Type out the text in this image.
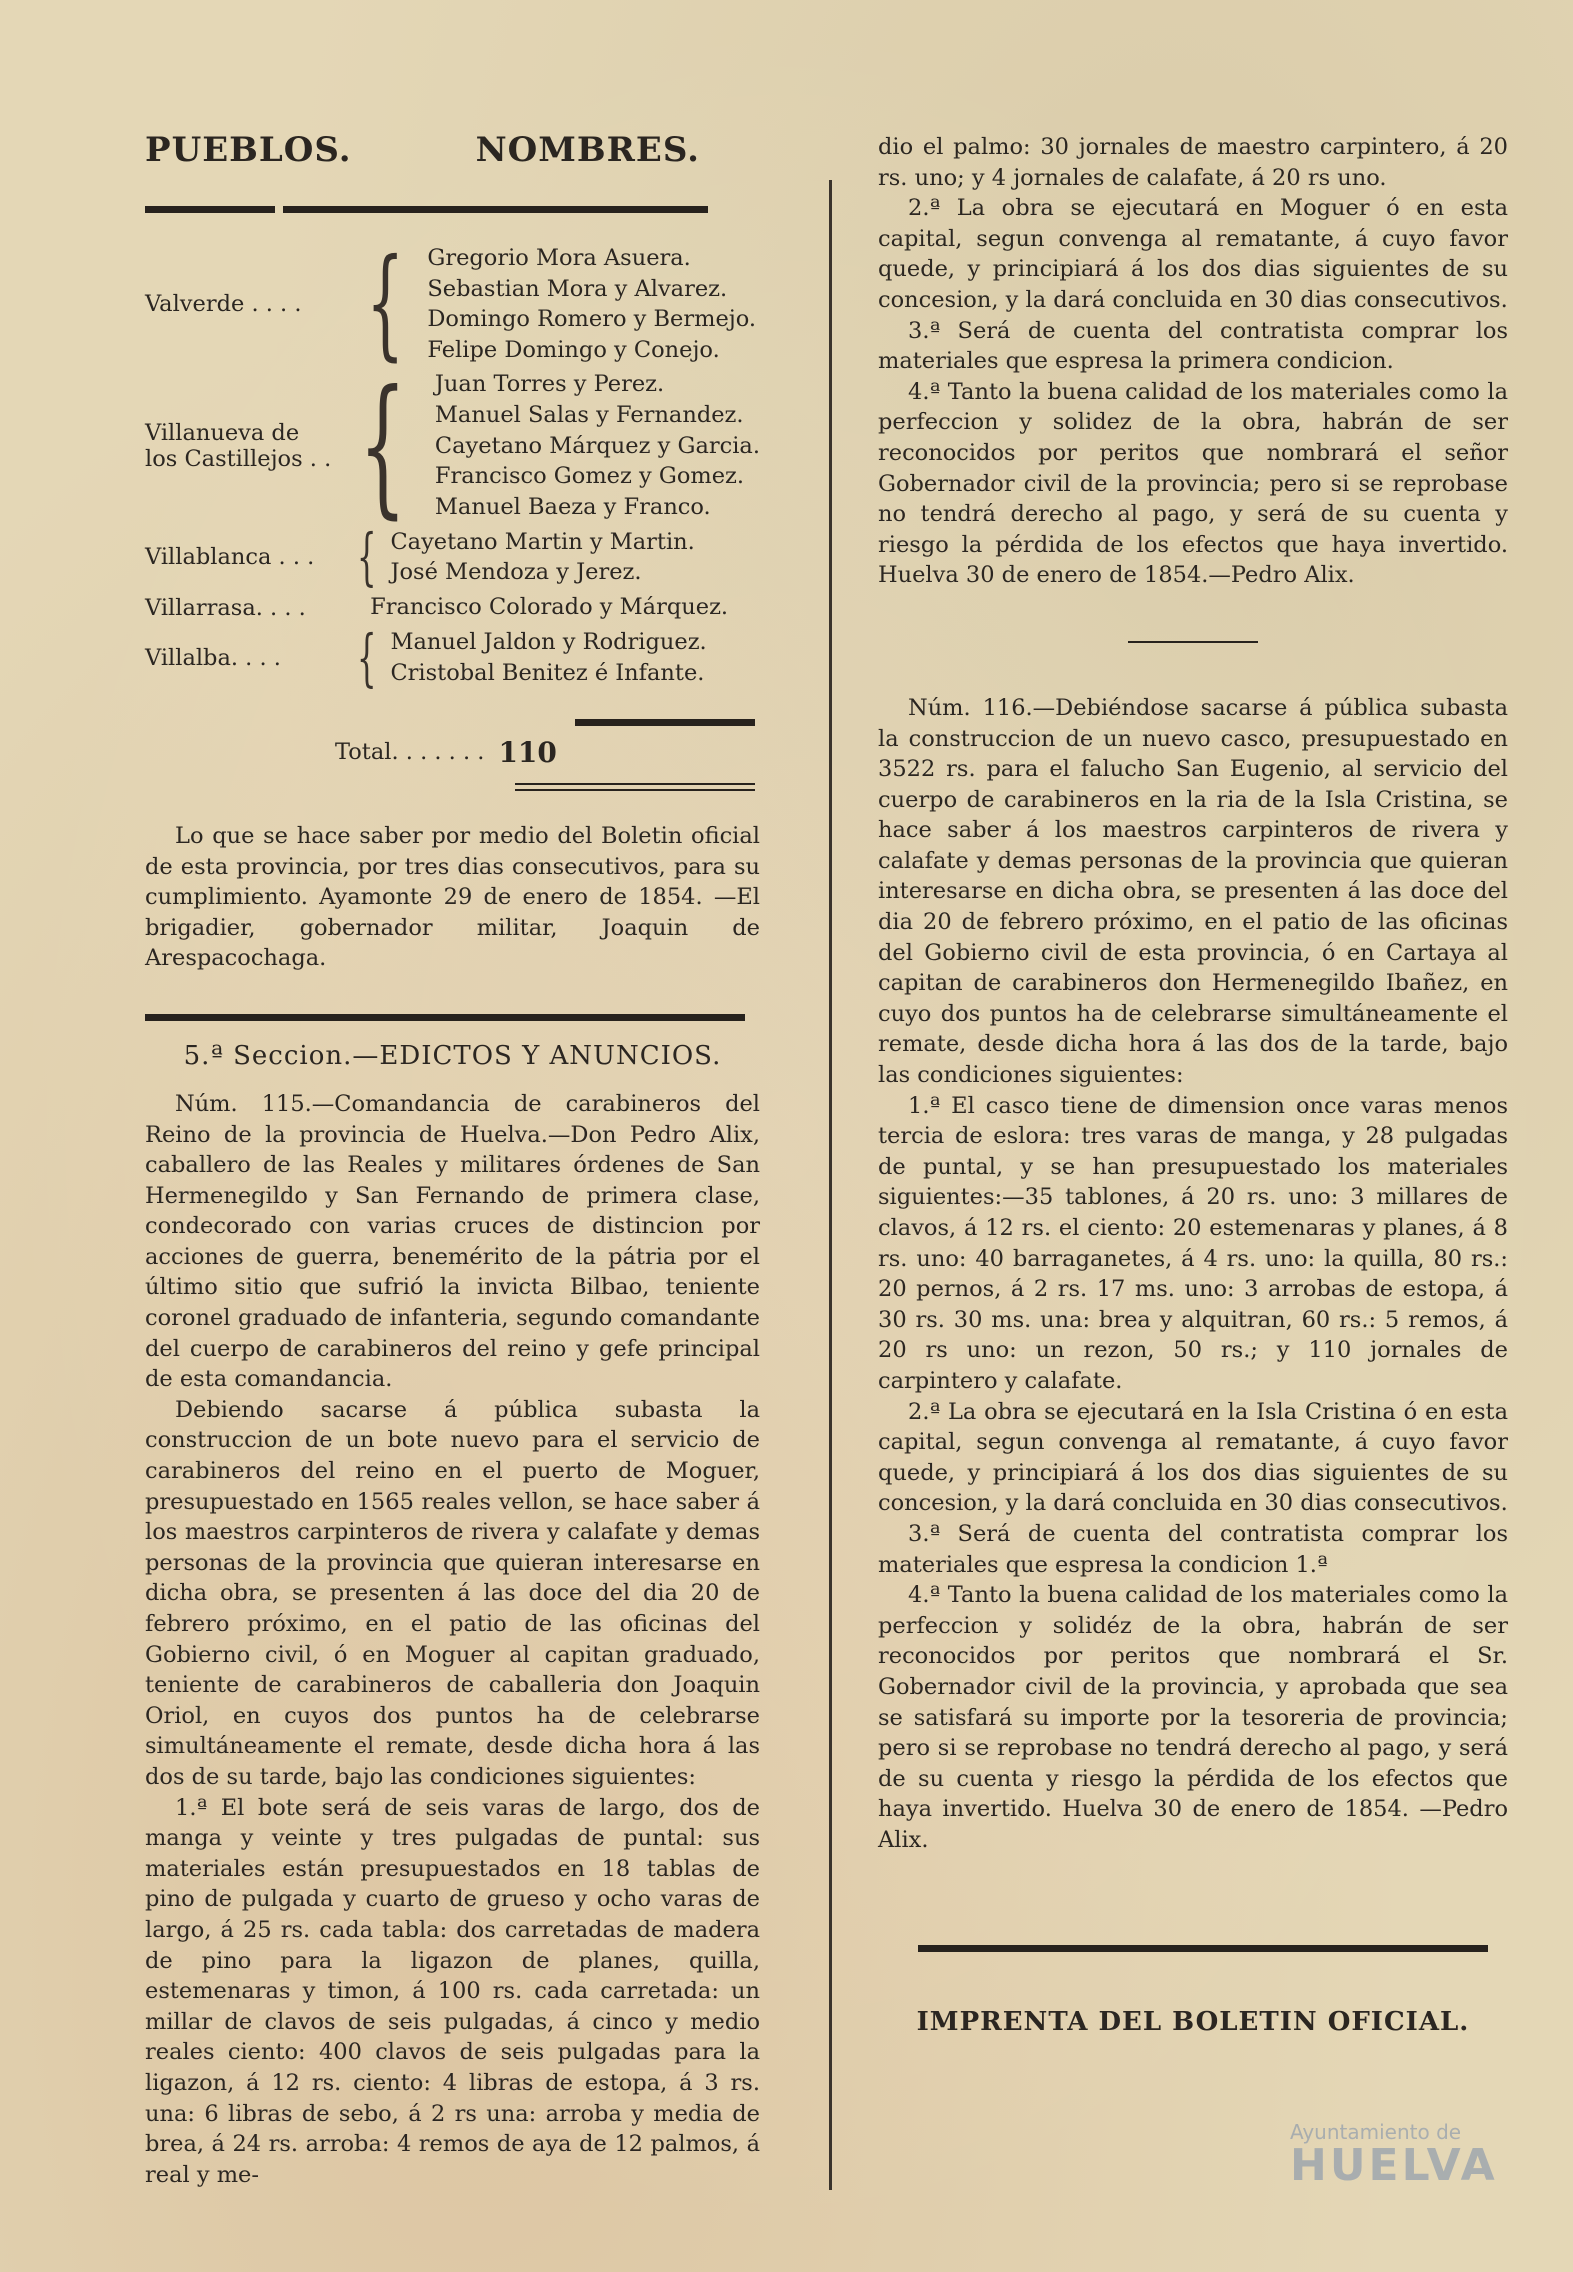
PUEBLOS.	NOMBRES.
Valverde . . . . { Gregorio Mora Asuera.
Sebastian Mora y Alvarez.
Domingo Romero y Bermejo.
Felipe Domingo y Conejo.
Villanueva de los Castillejos . . { Juan Torres y Perez.
Manuel Salas y Fernandez.
Cayetano Márquez y Garcia.
Francisco Gomez y Gomez.
Manuel Baeza y Franco.
Villablanca . . . { Cayetano Martin y Martin.
José Mendoza y Jerez.
Villarrasa. . . .	Francisco Colorado y Márquez.
Villalba. . . .	{ Manuel Jaldon y Rodriguez.
Cristobal Benitez é Infante.
Total. . . . . . . 110

Lo que se hace saber por medio del Boletin oficial de esta provincia, por tres dias consecutivos, para su cumplimiento. Ayamonte 29 de enero de 1854. —El brigadier, gobernador militar, Joaquin de Arespacochaga.

5.ª Seccion.—EDICTOS Y ANUNCIOS.

Núm. 115.—Comandancia de carabineros del Reino de la provincia de Huelva.—Don Pedro Alix, caballero de las Reales y militares órdenes de San Hermenegildo y San Fernando de primera clase, condecorado con varias cruces de distincion por acciones de guerra, benemérito de la pátria por el último sitio que sufrió la invicta Bilbao, teniente coronel graduado de infanteria, segundo comandante del cuerpo de carabineros del reino y gefe principal de esta comandancia.

Debiendo sacarse á pública subasta la construccion de un bote nuevo para el servicio de carabineros del reino en el puerto de Moguer, presupuestado en 1565 reales vellon, se hace saber á los maestros carpinteros de rivera y calafate y demas personas de la provincia que quieran interesarse en dicha obra, se presenten á las doce del dia 20 de febrero próximo, en el patio de las oficinas del Gobierno civil, ó en Moguer al capitan graduado, teniente de carabineros de caballeria don Joaquin Oriol, en cuyos dos puntos ha de celebrarse simultáneamente el remate, desde dicha hora á las dos de su tarde, bajo las condiciones siguientes:

1.ª El bote será de seis varas de largo, dos de manga y veinte y tres pulgadas de puntal: sus materiales están presupuestados en 18 tablas de pino de pulgada y cuarto de grueso y ocho varas de largo, á 25 rs. cada tabla: dos carretadas de madera de pino para la ligazon de planes, quilla, estemenaras y timon, á 100 rs. cada carretada: un millar de clavos de seis pulgadas, á cinco y medio reales ciento: 400 clavos de seis pulgadas para la ligazon, á 12 rs. ciento: 4 libras de estopa, á 3 rs. una: 6 libras de sebo, á 2 rs una: arroba y media de brea, á 24 rs. arroba: 4 remos de aya de 12 palmos, á real y me-

dio el palmo: 30 jornales de maestro carpintero, á 20 rs. uno; y 4 jornales de calafate, á 20 rs uno.

2.ª La obra se ejecutará en Moguer ó en esta capital, segun convenga al rematante, á cuyo favor quede, y principiará á los dos dias siguientes de su concesion, y la dará concluida en 30 dias consecutivos.

3.ª Será de cuenta del contratista comprar los materiales que espresa la primera condicion.

4.ª Tanto la buena calidad de los materiales como la perfeccion y solidez de la obra, habrán de ser reconocidos por peritos que nombrará el señor Gobernador civil de la provincia; pero si se reprobase no tendrá derecho al pago, y será de su cuenta y riesgo la pérdida de los efectos que haya invertido. Huelva 30 de enero de 1854.—Pedro Alix.

Núm. 116.—Debiéndose sacarse á pública subasta la construccion de un nuevo casco, presupuestado en 3522 rs. para el falucho San Eugenio, al servicio del cuerpo de carabineros en la ria de la Isla Cristina, se hace saber á los maestros carpinteros de rivera y calafate y demas personas de la provincia que quieran interesarse en dicha obra, se presenten á las doce del dia 20 de febrero próximo, en el patio de las oficinas del Gobierno civil de esta provincia, ó en Cartaya al capitan de carabineros don Hermenegildo Ibañez, en cuyo dos puntos ha de celebrarse simultáneamente el remate, desde dicha hora á las dos de la tarde, bajo las condiciones siguientes:

1.ª El casco tiene de dimension once varas menos tercia de eslora: tres varas de manga, y 28 pulgadas de puntal, y se han presupuestado los materiales siguientes:—35 tablones, á 20 rs. uno: 3 millares de clavos, á 12 rs. el ciento: 20 estemenaras y planes, á 8 rs. uno: 40 barraganetes, á 4 rs. uno: la quilla, 80 rs.: 20 pernos, á 2 rs. 17 ms. uno: 3 arrobas de estopa, á 30 rs. 30 ms. una: brea y alquitran, 60 rs.: 5 remos, á 20 rs uno: un rezon, 50 rs.; y 110 jornales de carpintero y calafate.

2.ª La obra se ejecutará en la Isla Cristina ó en esta capital, segun convenga al rematante, á cuyo favor quede, y principiará á los dos dias siguientes de su concesion, y la dará concluida en 30 dias consecutivos.

3.ª Será de cuenta del contratista comprar los materiales que espresa la condicion 1.ª

4.ª Tanto la buena calidad de los materiales como la perfeccion y solidéz de la obra, habrán de ser reconocidos por peritos que nombrará el Sr. Gobernador civil de la provincia, y aprobada que sea se satisfará su importe por la tesoreria de provincia; pero si se reprobase no tendrá derecho al pago, y será de su cuenta y riesgo la pérdida de los efectos que haya invertido. Huelva 30 de enero de 1854. —Pedro Alix.

IMPRENTA DEL BOLETIN OFICIAL.
Ayuntamiento de
HUELVA
